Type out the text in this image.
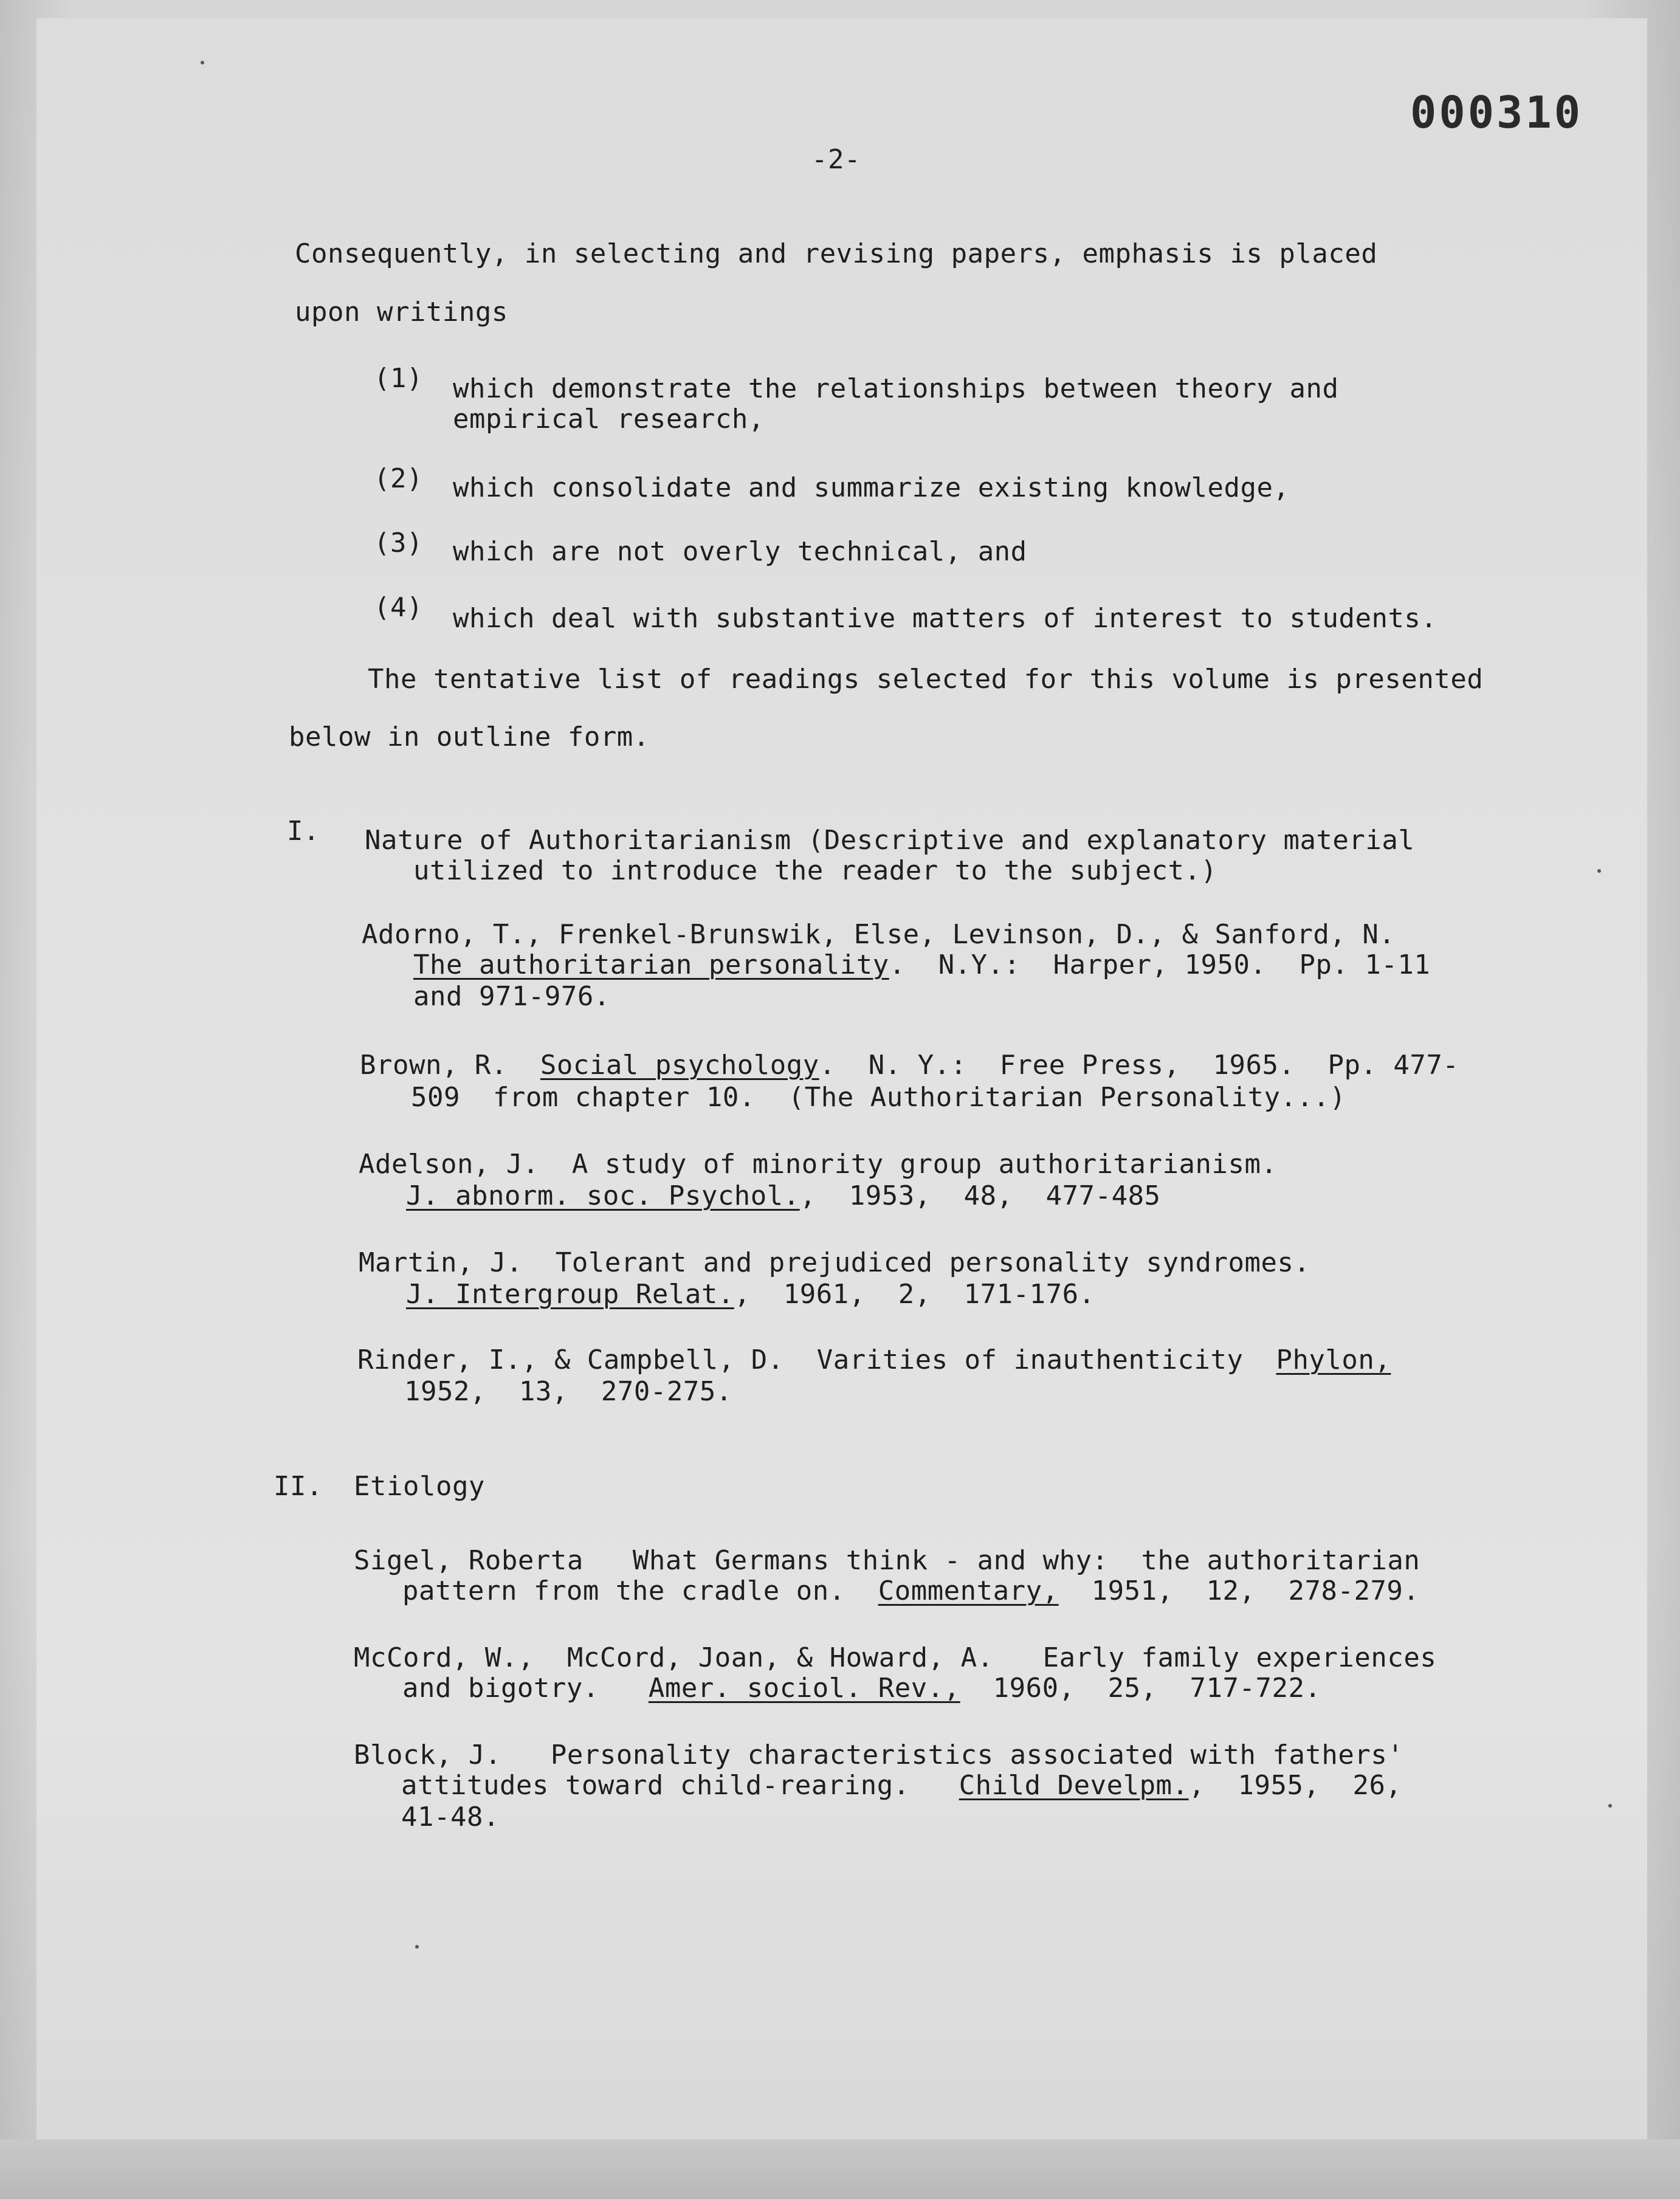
000310
-2-
Consequently, in selecting and revising papers, emphasis is placed
upon writings
(1) which demonstrate the relationships between theory and
empirical research,
(2) which consolidate and summarize existing knowledge,
(3) which are not overly technical, and
(4) which deal with substantive matters of interest to students.
The tentative list of readings selected for this volume is presented
below in outline form.
I. Nature of Authoritarianism (Descriptive and explanatory material
utilized to introduce the reader to the subject.)
Adorno, T., Frenkel-Brunswik, Else, Levinson, D., & Sanford, N.
The authoritarian personality.  N.Y.:  Harper, 1950.  Pp. 1-11
and 971-976.
Brown, R.  Social psychology.  N. Y.:  Free Press,  1965.  Pp. 477-
509  from chapter 10.  (The Authoritarian Personality...)
Adelson, J.  A study of minority group authoritarianism.
J. abnorm. soc. Psychol.,  1953,  48,  477-485
Martin, J.  Tolerant and prejudiced personality syndromes.
J. Intergroup Relat.,  1961,  2,  171-176.
Rinder, I., & Campbell, D.  Varities of inauthenticity  Phylon,
1952,  13,  270-275.
II. Etiology
Sigel, Roberta   What Germans think - and why:  the authoritarian
pattern from the cradle on.  Commentary,  1951,  12,  278-279.
McCord, W.,  McCord, Joan, & Howard, A.   Early family experiences
and bigotry.   Amer. sociol. Rev.,  1960,  25,  717-722.
Block, J.   Personality characteristics associated with fathers'
attitudes toward child-rearing.   Child Develpm.,  1955,  26,
41-48.
